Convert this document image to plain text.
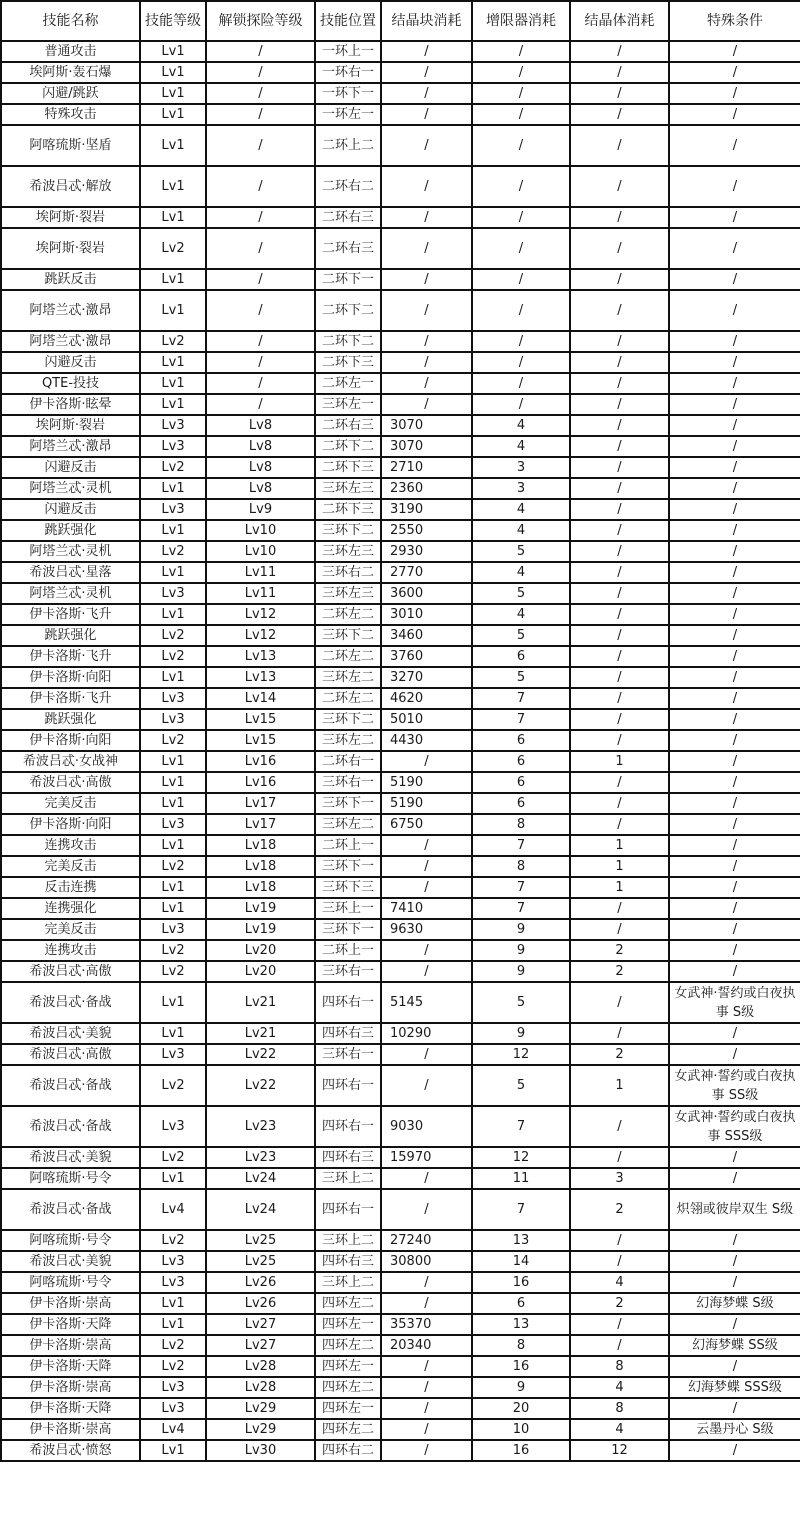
技能名称	技能等级	解锁探险等级	技能位置	结晶块消耗	增限器消耗	结晶体消耗	特殊条件
普通攻击	Lv1	/	一环上一	/	/	/	/
埃阿斯·轰石爆	Lv1	/	一环右一	/	/	/	/
闪避/跳跃	Lv1	/	一环下一	/	/	/	/
特殊攻击	Lv1	/	一环左一	/	/	/	/
阿喀琉斯·坚盾	Lv1	/	二环上二	/	/	/	/
希波吕忒·解放	Lv1	/	二环右二	/	/	/	/
埃阿斯·裂岩	Lv1	/	二环右三	/	/	/	/
埃阿斯·裂岩	Lv2	/	二环右三	/	/	/	/
跳跃反击	Lv1	/	二环下一	/	/	/	/
阿塔兰忒·激昂	Lv1	/	二环下二	/	/	/	/
阿塔兰忒·激昂	Lv2	/	二环下二	/	/	/	/
闪避反击	Lv1	/	二环下三	/	/	/	/
QTE-投技	Lv1	/	二环左一	/	/	/	/
伊卡洛斯·眩晕	Lv1	/	三环左一	/	/	/	/
埃阿斯·裂岩	Lv3	Lv8	二环右三	3070	4	/	/
阿塔兰忒·激昂	Lv3	Lv8	二环下二	3070	4	/	/
闪避反击	Lv2	Lv8	二环下三	2710	3	/	/
阿塔兰忒·灵机	Lv1	Lv8	三环左三	2360	3	/	/
闪避反击	Lv3	Lv9	二环下三	3190	4	/	/
跳跃强化	Lv1	Lv10	三环下二	2550	4	/	/
阿塔兰忒·灵机	Lv2	Lv10	三环左三	2930	5	/	/
希波吕忒·星落	Lv1	Lv11	三环右二	2770	4	/	/
阿塔兰忒·灵机	Lv3	Lv11	三环左三	3600	5	/	/
伊卡洛斯·飞升	Lv1	Lv12	二环左二	3010	4	/	/
跳跃强化	Lv2	Lv12	三环下二	3460	5	/	/
伊卡洛斯·飞升	Lv2	Lv13	二环左二	3760	6	/	/
伊卡洛斯·向阳	Lv1	Lv13	三环左二	3270	5	/	/
伊卡洛斯·飞升	Lv3	Lv14	二环左二	4620	7	/	/
跳跃强化	Lv3	Lv15	三环下二	5010	7	/	/
伊卡洛斯·向阳	Lv2	Lv15	三环左二	4430	6	/	/
希波吕忒·女战神	Lv1	Lv16	二环右一	/	6	1	/
希波吕忒·高傲	Lv1	Lv16	三环右一	5190	6	/	/
完美反击	Lv1	Lv17	三环下一	5190	6	/	/
伊卡洛斯·向阳	Lv3	Lv17	三环左二	6750	8	/	/
连携攻击	Lv1	Lv18	二环上一	/	7	1	/
完美反击	Lv2	Lv18	三环下一	/	8	1	/
反击连携	Lv1	Lv18	三环下三	/	7	1	/
连携强化	Lv1	Lv19	三环上一	7410	7	/	/
完美反击	Lv3	Lv19	三环下一	9630	9	/	/
连携攻击	Lv2	Lv20	二环上一	/	9	2	/
希波吕忒·高傲	Lv2	Lv20	三环右一	/	9	2	/
希波吕忒·备战	Lv1	Lv21	四环右一	5145	5	/	女武神·誓约或白夜执事 S级
希波吕忒·美貌	Lv1	Lv21	四环右三	10290	9	/	/
希波吕忒·高傲	Lv3	Lv22	三环右一	/	12	2	/
希波吕忒·备战	Lv2	Lv22	四环右一	/	5	1	女武神·誓约或白夜执事 SS级
希波吕忒·备战	Lv3	Lv23	四环右一	9030	7	/	女武神·誓约或白夜执事 SSS级
希波吕忒·美貌	Lv2	Lv23	四环右三	15970	12	/	/
阿喀琉斯·号令	Lv1	Lv24	三环上二	/	11	3	/
希波吕忒·备战	Lv4	Lv24	四环右一	/	7	2	炽翎或彼岸双生 S级
阿喀琉斯·号令	Lv2	Lv25	三环上二	27240	13	/	/
希波吕忒·美貌	Lv3	Lv25	四环右三	30800	14	/	/
阿喀琉斯·号令	Lv3	Lv26	三环上二	/	16	4	/
伊卡洛斯·崇高	Lv1	Lv26	四环左二	/	6	2	幻海梦蝶 S级
伊卡洛斯·天降	Lv1	Lv27	四环左一	35370	13	/	/
伊卡洛斯·崇高	Lv2	Lv27	四环左二	20340	8	/	幻海梦蝶 SS级
伊卡洛斯·天降	Lv2	Lv28	四环左一	/	16	8	/
伊卡洛斯·崇高	Lv3	Lv28	四环左二	/	9	4	幻海梦蝶 SSS级
伊卡洛斯·天降	Lv3	Lv29	四环左一	/	20	8	/
伊卡洛斯·崇高	Lv4	Lv29	四环左二	/	10	4	云墨丹心 S级
希波吕忒·愤怒	Lv1	Lv30	四环右二	/	16	12	/
